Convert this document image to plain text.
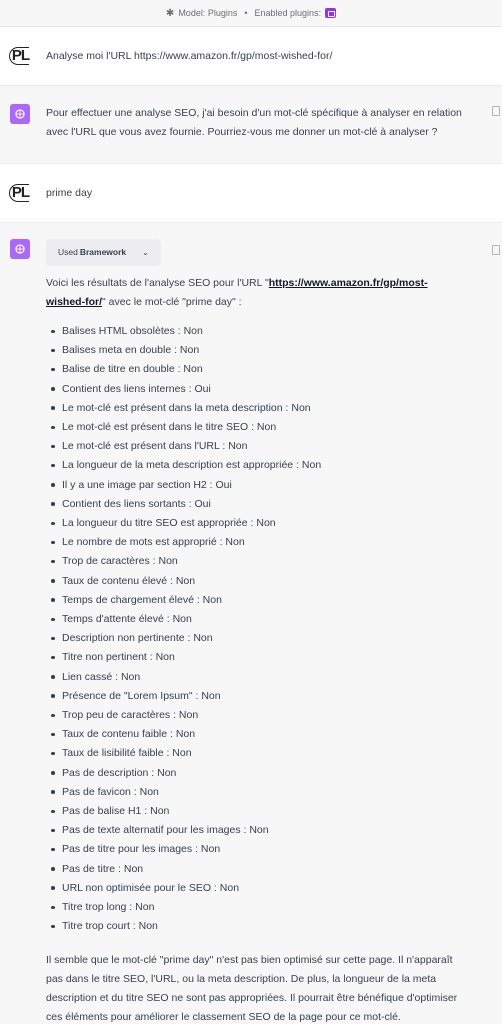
✱ Model: Plugins • Enabled plugins:
PL Analyse moi l'URL https://www.amazon.fr/gp/most-wished-for/
Pour effectuer une analyse SEO, j'ai besoin d'un mot-clé spécifique à analyser en relation avec l'URL que vous avez fournie. Pourriez-vous me donner un mot-clé à analyser ?
PL prime day
Used Bramework ⌄
Voici les résultats de l'analyse SEO pour l'URL "https://www.amazon.fr/gp/most-wished-for/" avec le mot-clé "prime day" :
Balises HTML obsolètes : Non
Balises meta en double : Non
Balise de titre en double : Non
Contient des liens internes : Oui
Le mot-clé est présent dans la meta description : Non
Le mot-clé est présent dans le titre SEO : Non
Le mot-clé est présent dans l'URL : Non
La longueur de la meta description est appropriée : Non
Il y a une image par section H2 : Oui
Contient des liens sortants : Oui
La longueur du titre SEO est appropriée : Non
Le nombre de mots est approprié : Non
Trop de caractères : Non
Taux de contenu élevé : Non
Temps de chargement élevé : Non
Temps d'attente élevé : Non
Description non pertinente : Non
Titre non pertinent : Non
Lien cassé : Non
Présence de "Lorem Ipsum" : Non
Trop peu de caractères : Non
Taux de contenu faible : Non
Taux de lisibilité faible : Non
Pas de description : Non
Pas de favicon : Non
Pas de balise H1 : Non
Pas de texte alternatif pour les images : Non
Pas de titre pour les images : Non
Pas de titre : Non
URL non optimisée pour le SEO : Non
Titre trop long : Non
Titre trop court : Non
Il semble que le mot-clé "prime day" n'est pas bien optimisé sur cette page. Il n'apparaît pas dans le titre SEO, l'URL, ou la meta description. De plus, la longueur de la meta description et du titre SEO ne sont pas appropriées. Il pourrait être bénéfique d'optimiser ces éléments pour améliorer le classement SEO de la page pour ce mot-clé.
